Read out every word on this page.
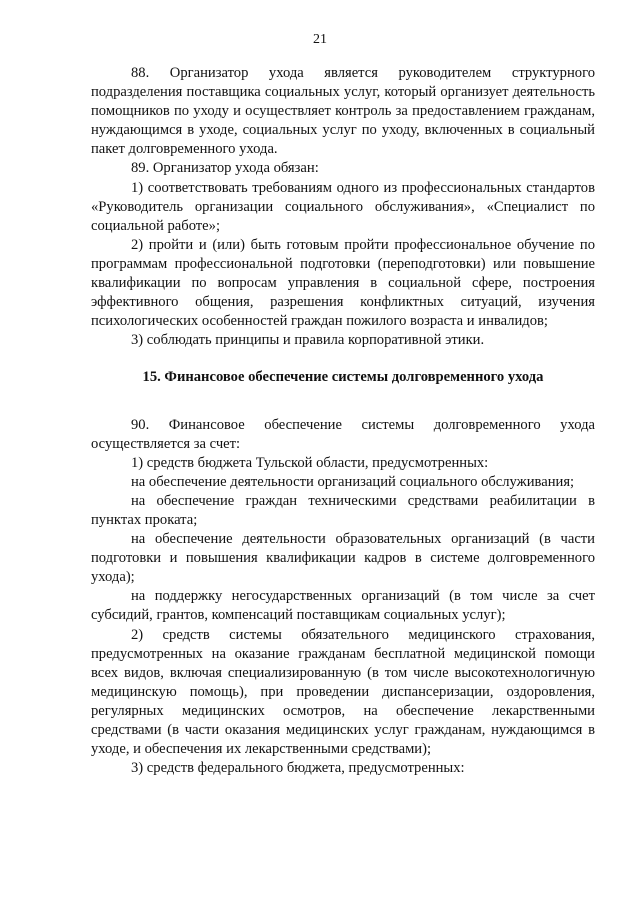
21

88. Организатор ухода является руководителем структурного подразделения поставщика социальных услуг, который организует деятельность помощников по уходу и осуществляет контроль за предоставлением гражданам, нуждающимся в уходе, социальных услуг по уходу, включенных в социальный пакет долговременного ухода.

89. Организатор ухода обязан:

1) соответствовать требованиям одного из профессиональных стандартов «Руководитель организации социального обслуживания», «Специалист по социальной работе»;

2) пройти и (или) быть готовым пройти профессиональное обучение по программам профессиональной подготовки (переподготовки) или повышение квалификации по вопросам управления в социальной сфере, построения эффективного общения, разрешения конфликтных ситуаций, изучения психологических особенностей граждан пожилого возраста и инвалидов;

3) соблюдать принципы и правила корпоративной этики.

15. Финансовое обеспечение системы долговременного ухода

90. Финансовое обеспечение системы долговременного ухода осуществляется за счет:

1) средств бюджета Тульской области, предусмотренных:

на обеспечение деятельности организаций социального обслуживания;

на обеспечение граждан техническими средствами реабилитации в пунктах проката;

на обеспечение деятельности образовательных организаций (в части подготовки и повышения квалификации кадров в системе долговременного ухода);

на поддержку негосударственных организаций (в том числе за счет субсидий, грантов, компенсаций поставщикам социальных услуг);

2) средств системы обязательного медицинского страхования, предусмотренных на оказание гражданам бесплатной медицинской помощи всех видов, включая специализированную (в том числе высокотехнологичную медицинскую помощь), при проведении диспансеризации, оздоровления, регулярных медицинских осмотров, на обеспечение лекарственными средствами (в части оказания медицинских услуг гражданам, нуждающимся в уходе, и обеспечения их лекарственными средствами);

3) средств федерального бюджета, предусмотренных:
